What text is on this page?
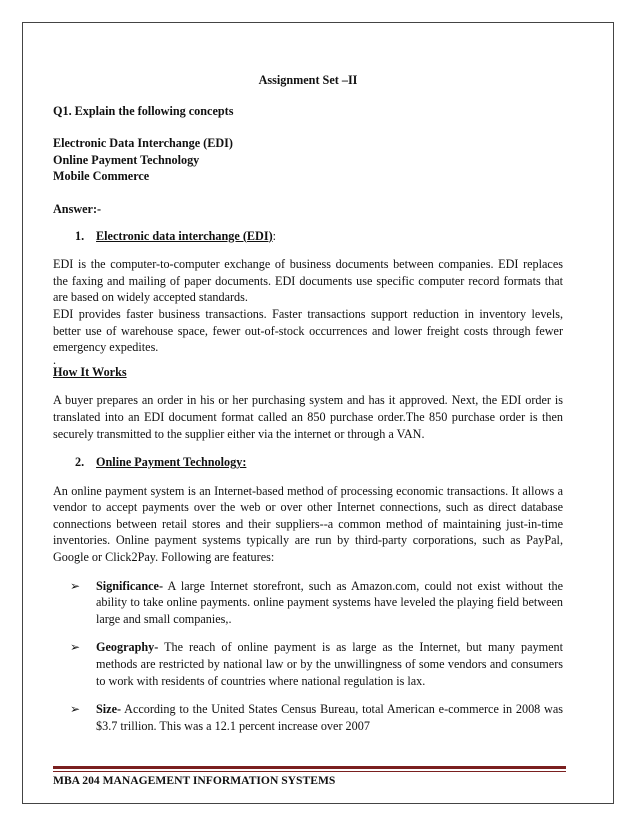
Assignment Set –II

Q1. Explain the following concepts

Electronic Data Interchange (EDI)

Online Payment Technology

Mobile Commerce

Answer:-

1. Electronic data interchange (EDI):

EDI is the computer-to-computer exchange of business documents between companies. EDI replaces the faxing and mailing of paper documents. EDI documents use specific computer record formats that are based on widely accepted standards.

EDI provides faster business transactions. Faster transactions support reduction in inventory levels, better use of warehouse space, fewer out-of-stock occurrences and lower freight costs through fewer emergency expedites.

.

How It Works

A buyer prepares an order in his or her purchasing system and has it approved. Next, the EDI order is translated into an EDI document format called an 850 purchase order.The 850 purchase order is then securely transmitted to the supplier either via the internet or through a VAN.

2. Online Payment Technology:

An online payment system is an Internet-based method of processing economic transactions. It allows a vendor to accept payments over the web or over other Internet connections, such as direct database connections between retail stores and their suppliers--a common method of maintaining just-in-time inventories. Online payment systems typically are run by third-party corporations, such as PayPal, Google or Click2Pay. Following are features:

➢ Significance- A large Internet storefront, such as Amazon.com, could not exist without the ability to take online payments. online payment systems have leveled the playing field between large and small companies,.
➢ Geography- The reach of online payment is as large as the Internet, but many payment methods are restricted by national law or by the unwillingness of some vendors and consumers to work with residents of countries where national regulation is lax.
➢ Size- According to the United States Census Bureau, total American e-commerce in 2008 was $3.7 trillion. This was a 12.1 percent increase over 2007
MBA 204 MANAGEMENT INFORMATION SYSTEMS
